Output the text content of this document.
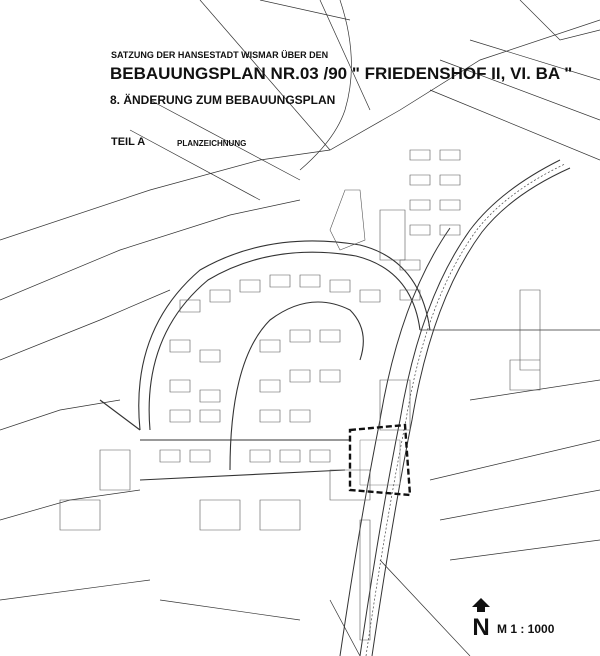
SATZUNG DER HANSESTADT WISMAR ÜBER DEN
BEBAUUNGSPLAN NR.03 /90 " FRIEDENSHOF II, VI. BA "
8. ÄNDERUNG ZUM BEBAUUNGSPLAN
TEIL A	PLANZEICHNUNG
N M 1 : 1000
